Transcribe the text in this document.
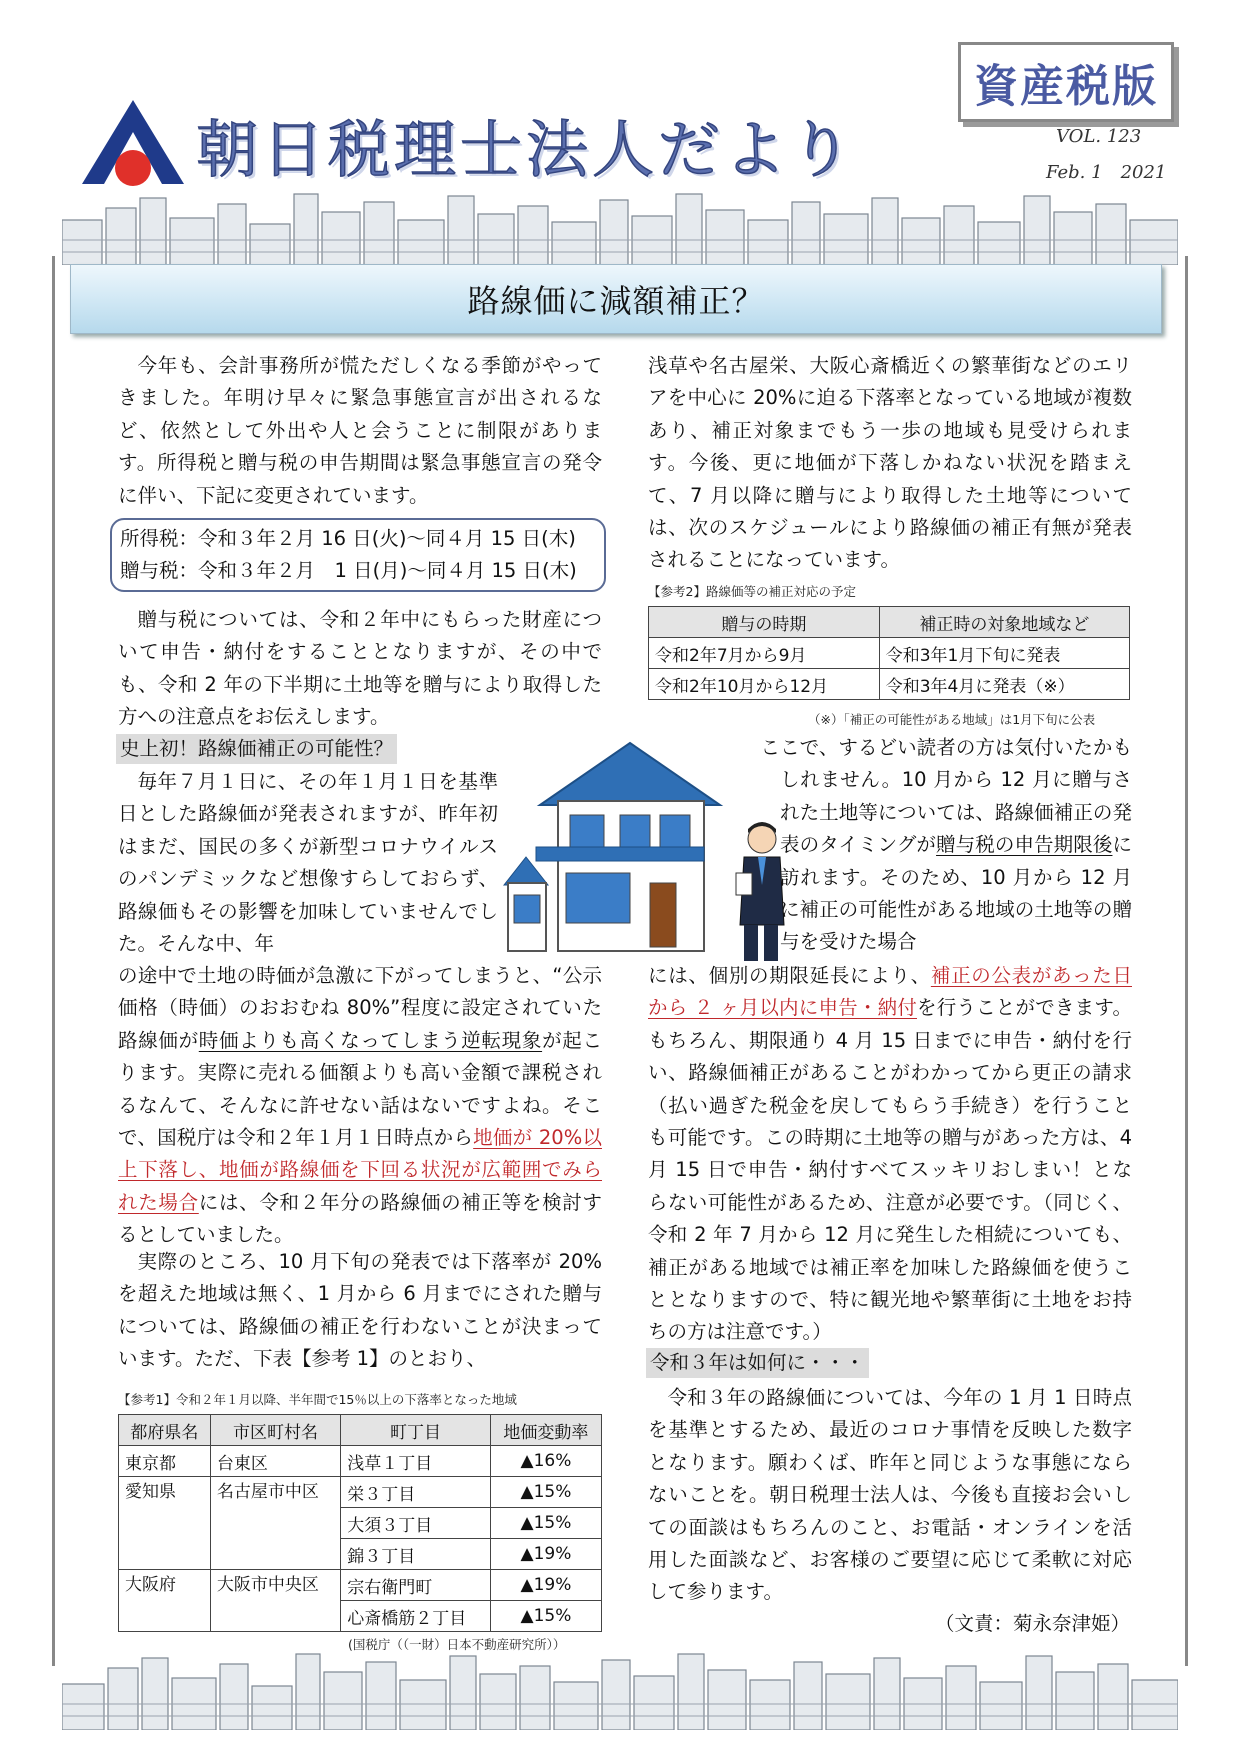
朝日税理士法人だより
資産税版
VOL. 123
Feb. 1　2021
路線価に減額補正？

今年も、会計事務所が慌ただしくなる季節がやってきました。年明け早々に緊急事態宣言が出されるなど、依然として外出や人と会うことに制限があります。所得税と贈与税の申告期間は緊急事態宣言の発令に伴い、下記に変更されています。

所得税：令和３年２月 16 日(火)～同４月 15 日(木)
贈与税：令和３年２月　1 日(月)～同４月 15 日(木)

贈与税については、令和２年中にもらった財産について申告・納付をすることとなりますが、その中でも、令和 2 年の下半期に土地等を贈与により取得した方への注意点をお伝えします。

史上初！路線価補正の可能性？

毎年７月１日に、その年１月１日を基準日とした路線価が発表されますが、昨年初はまだ、国民の多くが新型コロナウイルスのパンデミックなど想像すらしておらず、路線価もその影響を加味していませんでした。そんな中、年

の途中で土地の時価が急激に下がってしまうと、“公示価格（時価）のおおむね 80%”程度に設定されていた路線価が時価よりも高くなってしまう逆転現象が起こります。実際に売れる価額よりも高い金額で課税されるなんて、そんなに許せない話はないですよね。そこで、国税庁は令和２年１月１日時点から地価が 20%以上下落し、地価が路線価を下回る状況が広範囲でみられた場合には、令和２年分の路線価の補正等を検討するとしていました。

実際のところ、10 月下旬の発表では下落率が 20%を超えた地域は無く、1 月から 6 月までにされた贈与については、路線価の補正を行わないことが決まっています。ただ、下表【参考 1】のとおり、

【参考1】令和２年１月以降、半年間で15％以上の下落率となった地域
都府県名	市区町村名	町丁目	地価変動率
東京都	台東区	浅草１丁目	▲16%
愛知県	名古屋市中区	栄３丁目	▲15%
		大須３丁目	▲15%
		錦３丁目	▲19%
大阪府	大阪市中央区	宗右衛門町	▲19%
		心斎橋筋２丁目	▲15%
(国税庁（（一財）日本不動産研究所））

浅草や名古屋栄、大阪心斎橋近くの繁華街などのエリアを中心に 20%に迫る下落率となっている地域が複数あり、補正対象までもう一歩の地域も見受けられます。今後、更に地価が下落しかねない状況を踏まえて、7 月以降に贈与により取得した土地等については、次のスケジュールにより路線価の補正有無が発表されることになっています。

【参考2】路線価等の補正対応の予定
贈与の時期	補正時の対象地域など
令和2年7月から9月	令和3年1月下旬に発表
令和2年10月から12月	令和3年4月に発表（※）
（※）「補正の可能性がある地域」は1月下旬に公表

ここで、するどい読者の方は気付いたかもしれません。10 月から 12 月に贈与された土地等については、路線価補正の発表のタイミングが贈与税の申告期限後に訪れます。そのため、10 月から 12 月に補正の可能性がある地域の土地等の贈与を受けた場合

には、個別の期限延長により、補正の公表があった日から ２ ヶ月以内に申告・納付を行うことができます。もちろん、期限通り 4 月 15 日までに申告・納付を行い、路線価補正があることがわかってから更正の請求（払い過ぎた税金を戻してもらう手続き）を行うことも可能です。この時期に土地等の贈与があった方は、4 月 15 日で申告・納付すべてスッキリおしまい！とならない可能性があるため、注意が必要です。（同じく、令和 2 年 7 月から 12 月に発生した相続についても、補正がある地域では補正率を加味した路線価を使うこととなりますので、特に観光地や繁華街に土地をお持ちの方は注意です。）

令和３年は如何に・・・

令和３年の路線価については、今年の 1 月 1 日時点を基準とするため、最近のコロナ事情を反映した数字となります。願わくば、昨年と同じような事態にならないことを。朝日税理士法人は、今後も直接お会いしての面談はもちろんのこと、お電話・オンラインを活用した面談など、お客様のご要望に応じて柔軟に対応して参ります。

（文責：菊永奈津姫）
